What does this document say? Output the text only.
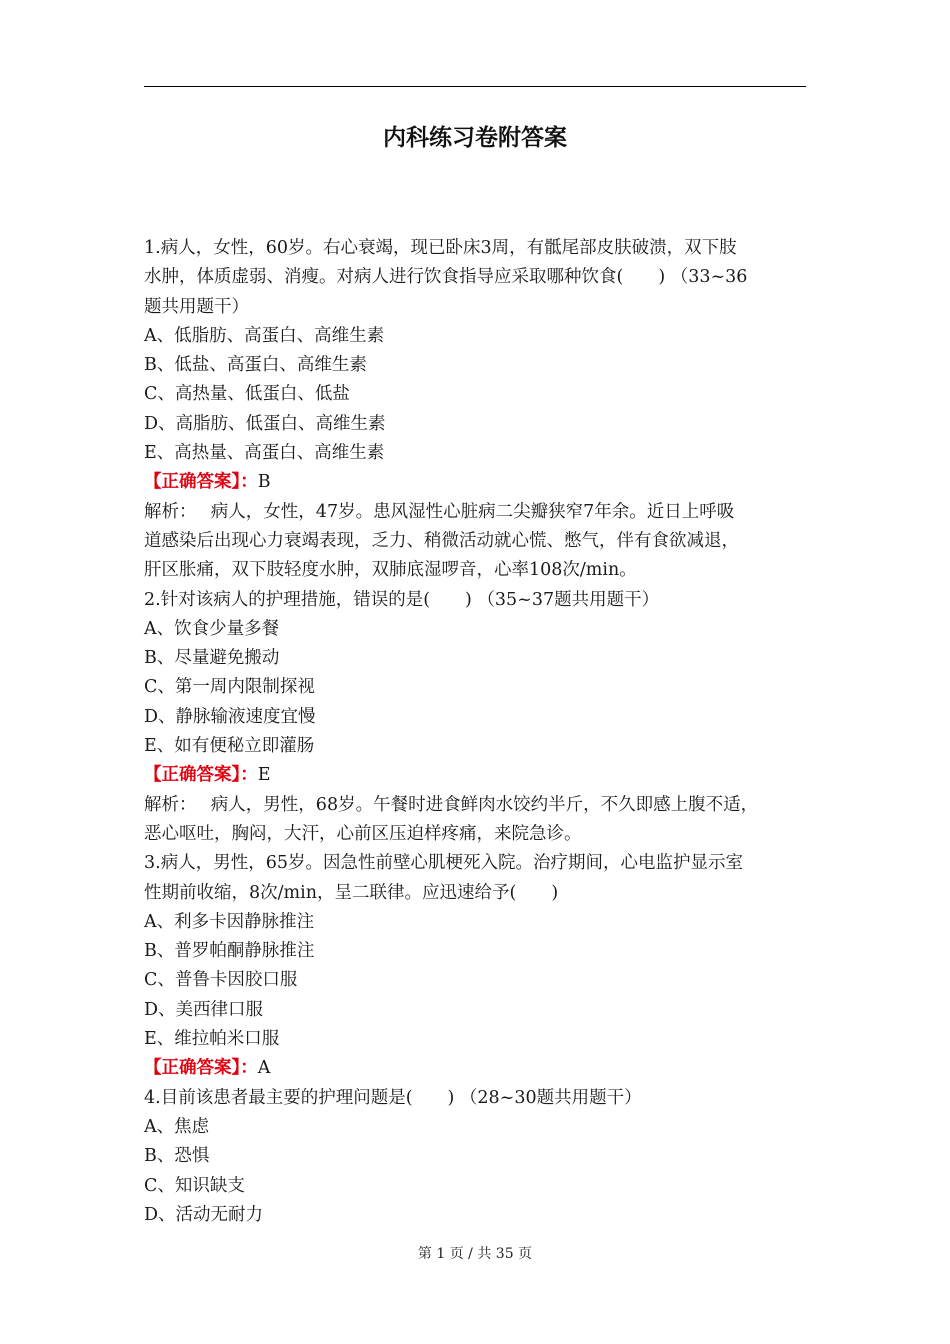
内科练习卷附答案
1.病人，女性，60岁。右心衰竭，现已卧床3周，有骶尾部皮肤破溃，双下肢
水肿，体质虚弱、消瘦。对病人进行饮食指导应采取哪种饮食(　　) （33~36
题共用题干）
A、低脂肪、高蛋白、高维生素
B、低盐、高蛋白、高维生素
C、高热量、低蛋白、低盐
D、高脂肪、低蛋白、高维生素
E、高热量、高蛋白、高维生素
【正确答案】：B
解析：　 病人，女性，47岁。患风湿性心脏病二尖瓣狭窄7年余。近日上呼吸
道感染后出现心力衰竭表现，乏力、稍微活动就心慌、憋气，伴有食欲减退，
肝区胀痛，双下肢轻度水肿，双肺底湿啰音，心率108次/min。
2.针对该病人的护理措施，错误的是(　　) （35~37题共用题干）
A、饮食少量多餐
B、尽量避免搬动
C、第一周内限制探视
D、静脉输液速度宜慢
E、如有便秘立即灌肠
【正确答案】：E
解析：　 病人，男性，68岁。午餐时进食鲜肉水饺约半斤，不久即感上腹不适，
恶心呕吐，胸闷，大汗，心前区压迫样疼痛，来院急诊。
3.病人，男性，65岁。因急性前壁心肌梗死入院。治疗期间，心电监护显示室
性期前收缩，8次/min，呈二联律。应迅速给予(　　)
A、利多卡因静脉推注
B、普罗帕酮静脉推注
C、普鲁卡因胶口服
D、美西律口服
E、维拉帕米口服
【正确答案】：A
4.目前该患者最主要的护理问题是(　　) （28~30题共用题干）
A、焦虑
B、恐惧
C、知识缺支
D、活动无耐力
第 1 页 / 共 35 页
